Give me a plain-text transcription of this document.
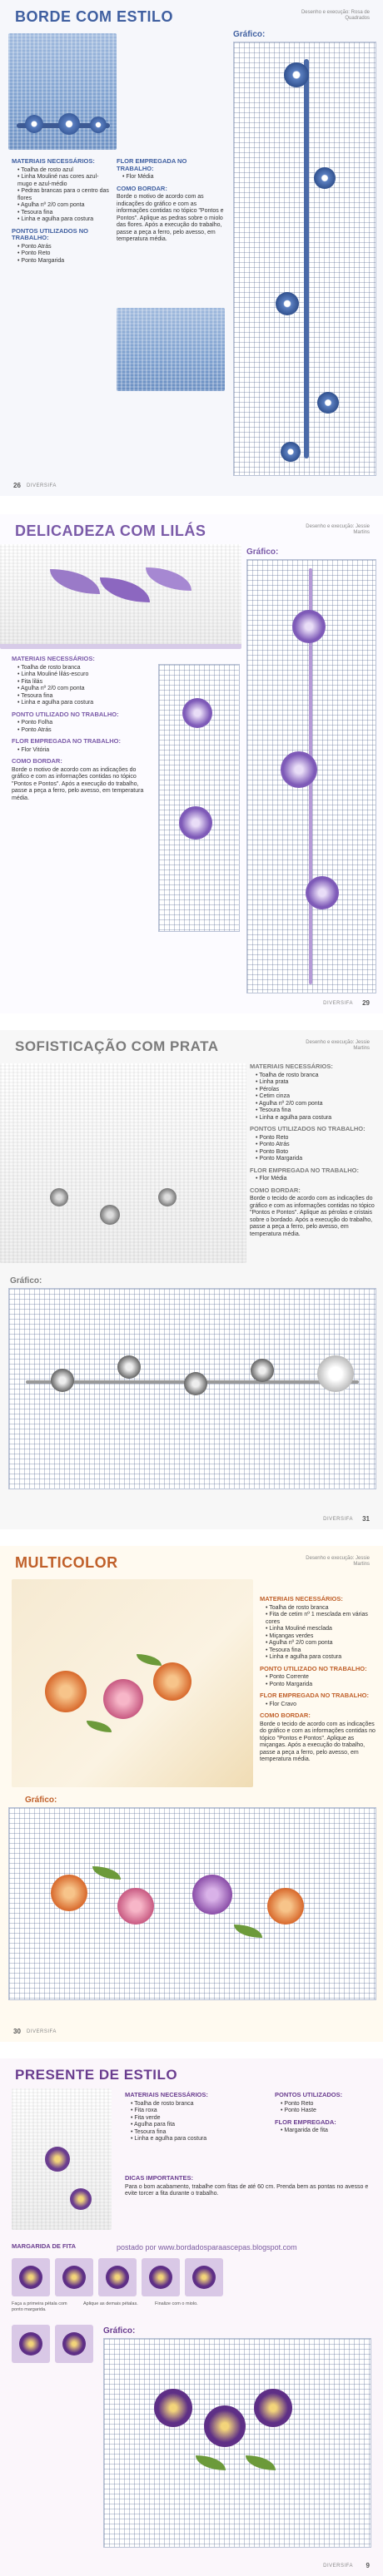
BORDE COM ESTILO	Desenho e execução: Rosa de Quadrados
Gráfico:
MATERIAIS NECESSÁRIOS:
• Toalha de rosto azul
• Linha Mouliné nas cores azul-mugo e azul-médio
• Pedras brancas para o centro das flores
• Agulha nº 2/0 com ponta
• Tesoura fina
• Linha e agulha para costura
PONTOS UTILIZADOS NO TRABALHO:
• Ponto Atrás
• Ponto Reto
• Ponto Margarida
FLOR EMPREGADA NO TRABALHO:
• Flor Média
COMO BORDAR:

Borde o motivo de acordo com as indicações do gráfico e com as informações contidas no tópico "Pontos e Pontos". Aplique as pedras sobre o miolo das flores. Após a execução do trabalho, passe a peça a ferro, pelo avesso, em temperatura média.

26 DIVERSIFA
DELICADEZA COM LILÁS	Desenho e execução: Jessie Martins
Gráfico:
MATERIAIS NECESSÁRIOS:
• Toalha de rosto branca
• Linha Mouliné lilás-escuro
• Fita lilás
• Agulha nº 2/0 com ponta
• Tesoura fina
• Linha e agulha para costura
PONTO UTILIZADO NO TRABALHO:
• Ponto Folha
• Ponto Atrás
FLOR EMPREGADA NO TRABALHO:
• Flor Vitória
COMO BORDAR:

Borde o motivo de acordo com as indicações do gráfico e com as informações contidas no tópico "Pontos e Pontos". Após a execução do trabalho, passe a peça a ferro, pelo avesso, em temperatura média.

29
DIVERSIFA
SOFISTICAÇÃO COM PRATA	Desenho e execução: Jessie Martins
MATERIAIS NECESSÁRIOS:
• Toalha de rosto branca
• Linha prata
• Pérolas
• Cetim cinza
• Agulha nº 2/0 com ponta
• Tesoura fina
• Linha e agulha para costura
PONTOS UTILIZADOS NO TRABALHO:
• Ponto Reto
• Ponto Atrás
• Ponto Boto
• Ponto Margarida
FLOR EMPREGADA NO TRABALHO:
• Flor Média
COMO BORDAR:

Borde o tecido de acordo com as indicações do gráfico e com as informações contidas no tópico "Pontos e Pontos". Aplique as pérolas e cristais sobre o bordado. Após a execução do trabalho, passe a peça a ferro, pelo avesso, em temperatura média.

Gráfico:
31
DIVERSIFA
MULTICOLOR	Desenho e execução: Jessie Martins
MATERIAIS NECESSÁRIOS:
• Toalha de rosto branca
• Fita de cetim nº 1 mesclada em várias cores
• Linha Mouliné mesclada
• Miçangas verdes
• Agulha nº 2/0 com ponta
• Tesoura fina
• Linha e agulha para costura
PONTO UTILIZADO NO TRABALHO:
• Ponto Corrente
• Ponto Margarida
FLOR EMPREGADA NO TRABALHO:
• Flor Cravo
COMO BORDAR:

Borde o tecido de acordo com as indicações do gráfico e com as informações contidas no tópico "Pontos e Pontos". Aplique as miçangas. Após a execução do trabalho, passe a peça a ferro, pelo avesso, em temperatura média.

Gráfico:
30 DIVERSIFA
PRESENTE DE ESTILO
MATERIAIS NECESSÁRIOS:
• Toalha de rosto branca
• Fita roxa
• Fita verde
• Agulha para fita
• Tesoura fina
• Linha e agulha para costura
PONTOS UTILIZADOS:
• Ponto Reto
• Ponto Haste
FLOR EMPREGADA:
• Margarida de fita
DICAS IMPORTANTES:

Para o bom acabamento, trabalhe com fitas de até 60 cm. Prenda bem as pontas no avesso e evite torcer a fita durante o trabalho.

MARGARIDA DE FITA	postado por www.bordadosparaascepas.blogspot.com
Faça a primeira pétala com ponto margarida.
Aplique as demais pétalas.	Finalize com o miolo.
Gráfico:
9
DIVERSIFA
